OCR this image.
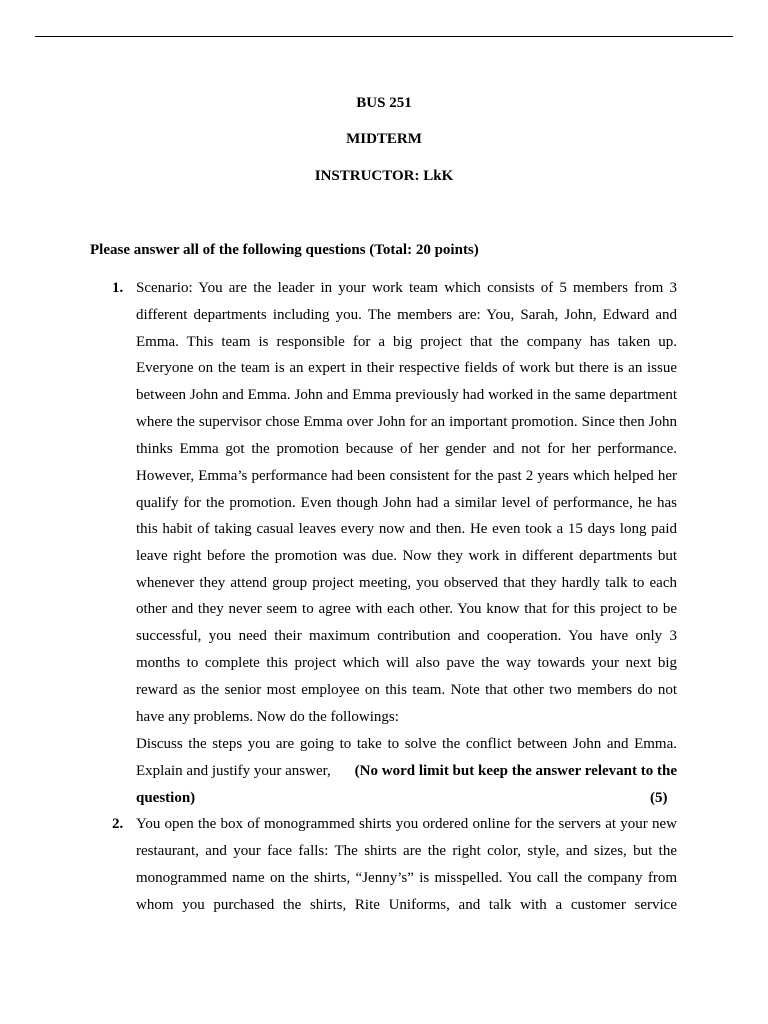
BUS 251
MIDTERM
INSTRUCTOR: LkK
Please answer all of the following questions (Total: 20 points)
1. Scenario: You are the leader in your work team which consists of 5 members from 3
different departments including you. The members are: You, Sarah, John, Edward and
Emma. This team is responsible for a big project that the company has taken up.
Everyone on the team is an expert in their respective fields of work but there is an issue
between John and Emma. John and Emma previously had worked in the same department
where the supervisor chose Emma over John for an important promotion. Since then John
thinks Emma got the promotion because of her gender and not for her performance.
However, Emma’s performance had been consistent for the past 2 years which helped her
qualify for the promotion. Even though John had a similar level of performance, he has
this habit of taking casual leaves every now and then. He even took a 15 days long paid
leave right before the promotion was due. Now they work in different departments but
whenever they attend group project meeting, you observed that they hardly talk to each
other and they never seem to agree with each other. You know that for this project to be
successful, you need their maximum contribution and cooperation. You have only 3
months to complete this project which will also pave the way towards your next big
reward as the senior most employee on this team. Note that other two members do not
have any problems. Now do the followings:
Discuss the steps you are going to take to solve the conflict between John and Emma.
Explain and justify your answer, (No word limit but keep the answer relevant to the
question)	(5)
2. You open the box of monogrammed shirts you ordered online for the servers at your new
restaurant, and your face falls: The shirts are the right color, style, and sizes, but the
monogrammed name on the shirts, “Jenny’s” is misspelled. You call the company from
whom you purchased the shirts, Rite Uniforms, and talk with a customer service
